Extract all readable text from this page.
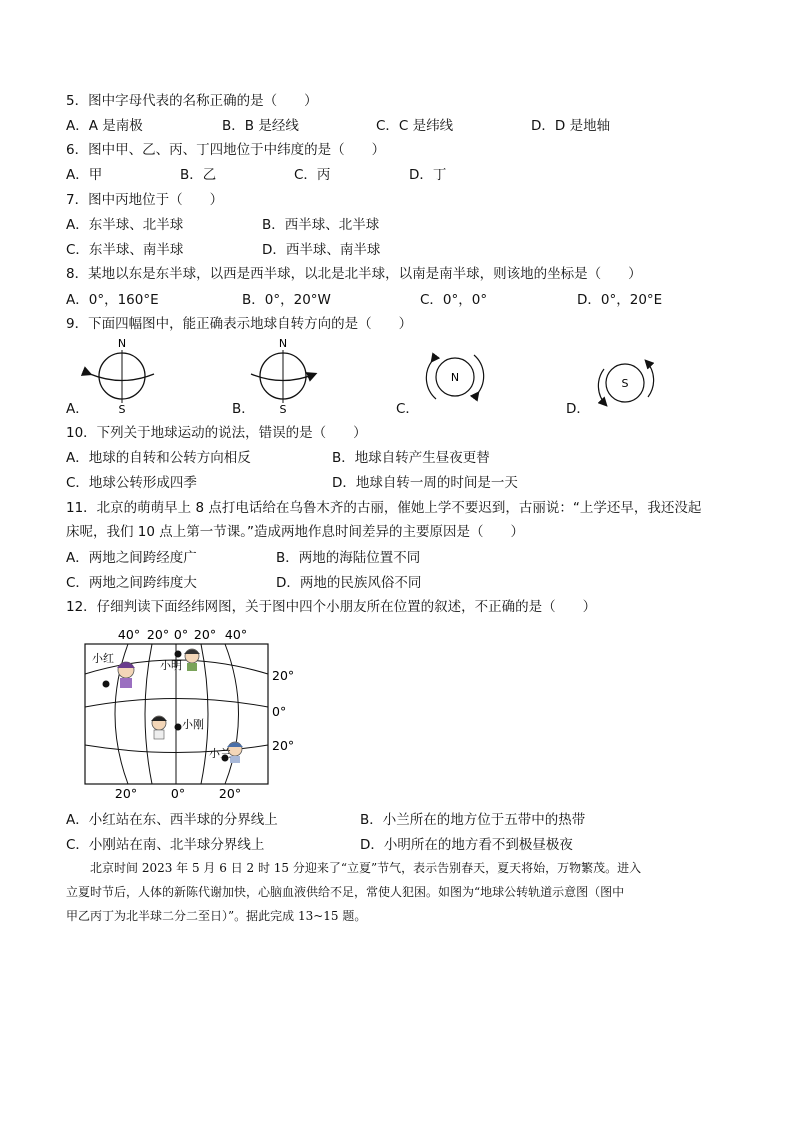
5．图中字母代表的名称正确的是（　　）
A．A 是南极	B．B 是经线	C．C 是纬线	D．D 是地轴
6．图中甲、乙、丙、丁四地位于中纬度的是（　　）
A．甲	B．乙	C．丙	D．丁
7．图中丙地位于（　　）
A．东半球、北半球	B．西半球、北半球
C．东半球、南半球	D．西半球、南半球
8．某地以东是东半球，以西是西半球，以北是北半球，以南是南半球，则该地的坐标是（　　）
A．0°，160°E	B．0°，20°W	C．0°，0°	D．0°，20°E
9．下面四幅图中，能正确表示地球自转方向的是（　　）
N
S
N
S
N	S
A．	B．	C．	D．
10．下列关于地球运动的说法，错误的是（　　）
A．地球的自转和公转方向相反	B．地球自转产生昼夜更替
C．地球公转形成四季	D．地球自转一周的时间是一天
11．北京的萌萌早上 8 点打电话给在乌鲁木齐的古丽，催她上学不要迟到，古丽说：“上学还早，我还没起
床呢，我们 10 点上第一节课。”造成两地作息时间差异的主要原因是（　　）
A．两地之间跨经度广	B．两地的海陆位置不同
C．两地之间跨纬度大	D．两地的民族风俗不同
12．仔细判读下面经纬网图，关于图中四个小朋友所在位置的叙述，不正确的是（　　）
40° 20° 0° 20° 40°
小红
小明
小刚
小兰
20°
0°
20°
20°	0°	20°
A．小红站在东、西半球的分界线上	B．小兰所在的地方位于五带中的热带
C．小刚站在南、北半球分界线上	D．小明所在的地方看不到极昼极夜
北京时间 2023 年 5 月 6 日 2 时 15 分迎来了“立夏”节气，表示告别春天，夏天将始，万物繁茂。进入
立夏时节后，人体的新陈代谢加快，心脑血液供给不足，常使人犯困。如图为“地球公转轨道示意图（图中
甲乙丙丁为北半球二分二至日）”。据此完成 13~15 题。
